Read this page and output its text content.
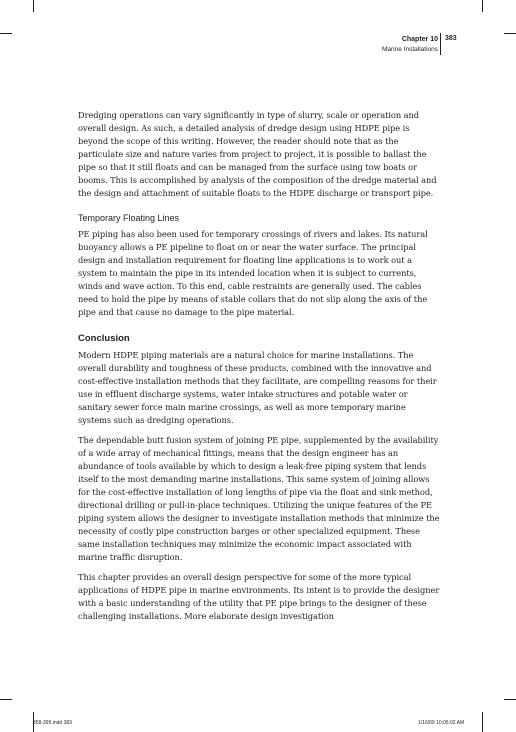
Chapter 10
Marine Installations
383

Dredging operations can vary significantly in type of slurry, scale or operation and overall design. As such, a detailed analysis of dredge design using HDPE pipe is beyond the scope of this writing. However, the reader should note that as the particulate size and nature varies from project to project, it is possible to ballast the pipe so that it still floats and can be managed from the surface using tow boats or booms. This is accomplished by analysis of the composition of the dredge material and the design and attachment of suitable floats to the HDPE discharge or transport pipe.

Temporary Floating Lines

PE piping has also been used for temporary crossings of rivers and lakes. Its natural buoyancy allows a PE pipeline to float on or near the water surface. The principal design and installation requirement for floating line applications is to work out a system to maintain the pipe in its intended location when it is subject to currents, winds and wave action. To this end, cable restraints are generally used. The cables need to hold the pipe by means of stable collars that do not slip along the axis of the pipe and that cause no damage to the pipe material.

Conclusion

Modern HDPE piping materials are a natural choice for marine installations. The overall durability and toughness of these products, combined with the innovative and cost-effective installation methods that they facilitate, are compelling reasons for their use in effluent discharge systems, water intake structures and potable water or sanitary sewer force main marine crossings, as well as more temporary marine systems such as dredging operations.

The dependable butt fusion system of joining PE pipe, supplemented by the availability of a wide array of mechanical fittings, means that the design engineer has an abundance of tools available by which to design a leak-free piping system that lends itself to the most demanding marine installations. This same system of joining allows for the cost-effective installation of long lengths of pipe via the float and sink method, directional drilling or pull-in-place techniques. Utilizing the unique features of the PE piping system allows the designer to investigate installation methods that minimize the necessity of costly pipe construction barges or other specialized equipment. These same installation techniques may minimize the economic impact associated with marine traffic disruption.

This chapter provides an overall design perspective for some of the more typical applications of HDPE pipe in marine environments. Its intent is to provide the designer with a basic understanding of the utility that PE pipe brings to the designer of these challenging installations. More elaborate design investigation

358-395.indd 383	1/16/09 10:05:02 AM
